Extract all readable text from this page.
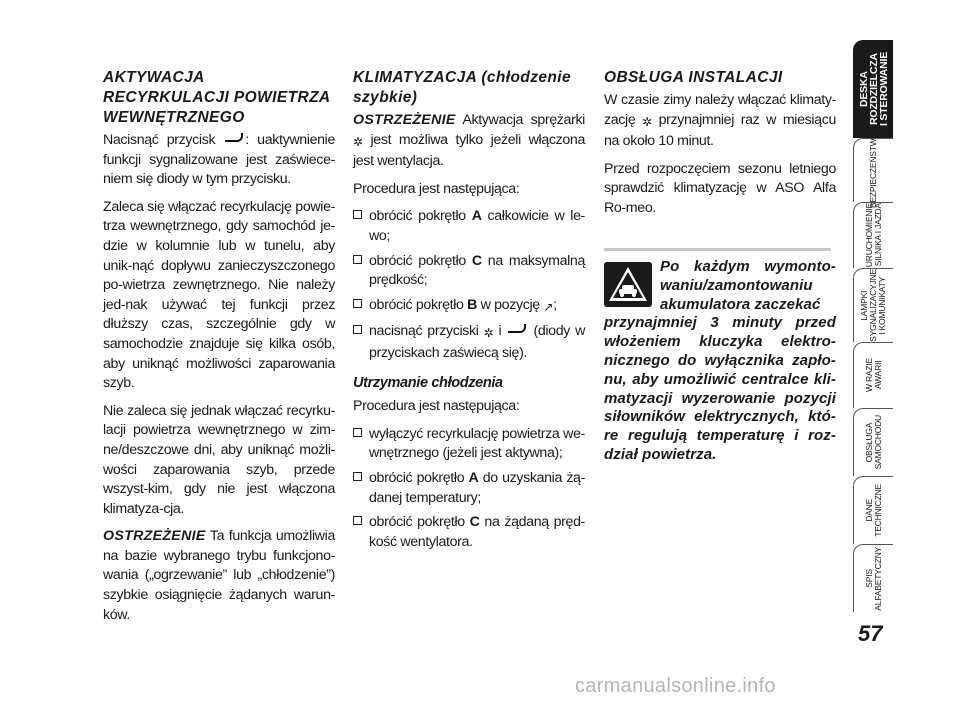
AKTYWACJA RECYRKULACJI POWIETRZA WEWNĘTRZNEGO

Nacisnąć przycisk : uaktywnienie funkcji sygnalizowane jest zaświece-niem się diody w tym przycisku.

Zaleca się włączać recyrkulację powie-trza wewnętrznego, gdy samochód je-dzie w kolumnie lub w tunelu, aby unik-nąć dopływu zanieczyszczonego po-wietrza zewnętrznego. Nie należy jed-nak używać tej funkcji przez dłuższy czas, szczególnie gdy w samochodzie znajduje się kilka osób, aby uniknąć możliwości zaparowania szyb.

Nie zaleca się jednak włączać recyrku-lacji powietrza wewnętrznego w zim-ne/deszczowe dni, aby uniknąć możli-wości zaparowania szyb, przede wszyst-kim, gdy nie jest włączona klimatyza-cja.

OSTRZEŻENIE Ta funkcja umożliwia na bazie wybranego trybu funkcjono-wania („ogrzewanie” lub „chłodzenie”) szybkie osiągnięcie żądanych warun-ków.

KLIMATYZACJA (chłodzenie szybkie)

OSTRZEŻENIE Aktywacja sprężarki ✲ jest możliwa tylko jeżeli włączona jest wentylacja.

Procedura jest następująca:

obrócić pokrętło A całkowicie w le-wo;
obrócić pokrętło C na maksymalną prędkość;
obrócić pokrętło B w pozycję ↗;
nacisnąć przyciski ✲ i  (diody w przyciskach zaświecą się).
Utrzymanie chłodzenia

Procedura jest następująca:

wyłączyć recyrkulację powietrza we-wnętrznego (jeżeli jest aktywna);
obrócić pokrętło A do uzyskania żą-danej temperatury;
obrócić pokrętło C na żądaną pręd-kość wentylatora.
OBSŁUGA INSTALACJI

W czasie zimy należy włączać klimaty-zację ✲ przynajmniej raz w miesiącu na około 10 minut.

Przed rozpoczęciem sezonu letniego sprawdzić klimatyzację w ASO Alfa Ro-meo.

Po każdym wymonto-waniu/zamontowaniu akumulatora zaczekać
przynajmniej 3 minuty przed włożeniem kluczyka elektro-nicznego do wyłącznika zapło-nu, aby umożliwić centralce kli-matyzacji wyzerowanie pozycji siłowników elektrycznych, któ-re regulują temperaturę i roz-dział powietrza.
DESKA
ROZDZIELCZA
I STEROWANIE
BEZPIECZEŃSTWO
URUCHOMIENIE
SILNIKA I JAZDA
LAMPKI
SYGNALIZACYJNE
I KOMUNIKATY
W RAZIE
AWARII
OBSŁUGA
SAMOCHODU
DANE
TECHNICZNE
SPIS
ALFABETYCZNY
57
carmanualsonline.info
